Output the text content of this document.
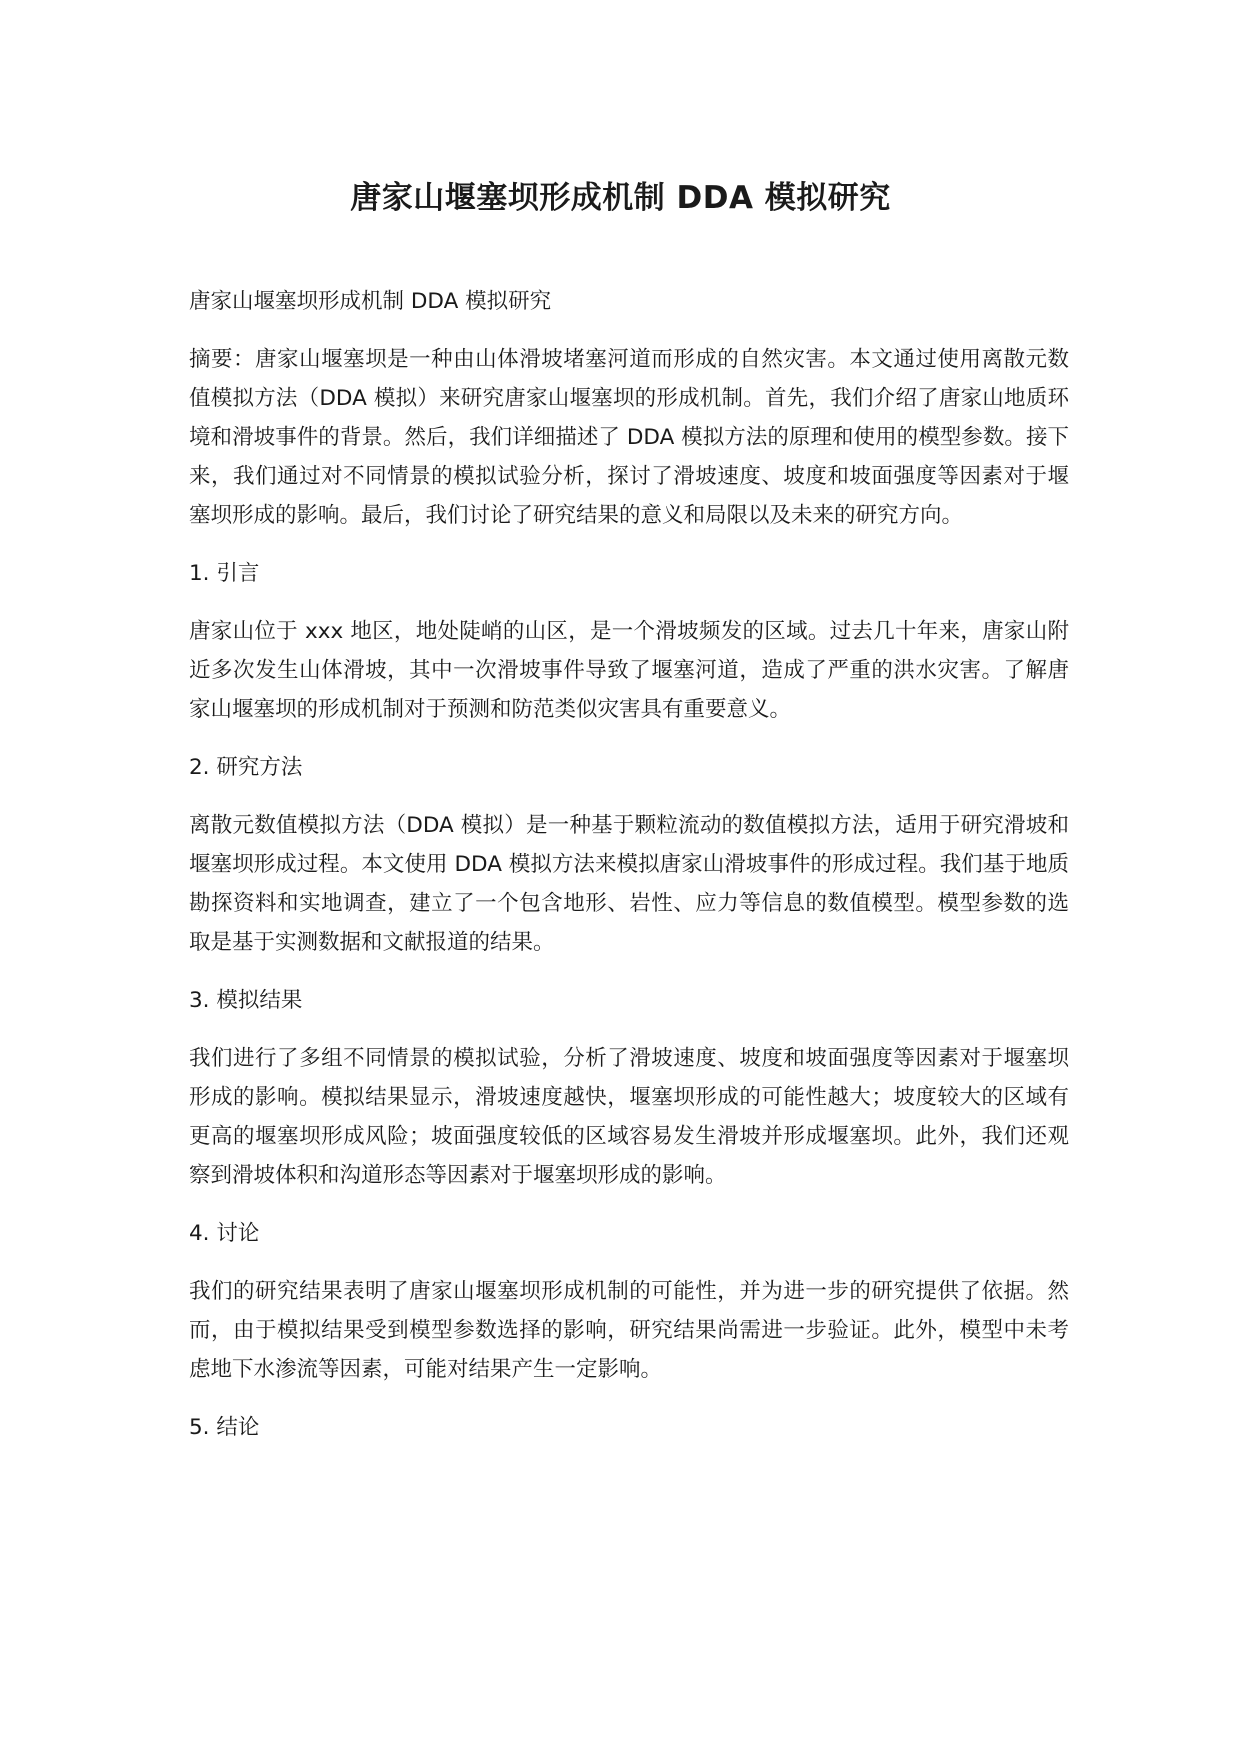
唐家山堰塞坝形成机制 DDA 模拟研究

唐家山堰塞坝形成机制 DDA 模拟研究

摘要：唐家山堰塞坝是一种由山体滑坡堵塞河道而形成的自然灾害。本文通过使用离散元数值模拟方法（DDA 模拟）来研究唐家山堰塞坝的形成机制。首先，我们介绍了唐家山地质环境和滑坡事件的背景。然后，我们详细描述了 DDA 模拟方法的原理和使用的模型参数。接下来，我们通过对不同情景的模拟试验分析，探讨了滑坡速度、坡度和坡面强度等因素对于堰塞坝形成的影响。最后，我们讨论了研究结果的意义和局限以及未来的研究方向。

1. 引言

唐家山位于 xxx 地区，地处陡峭的山区，是一个滑坡频发的区域。过去几十年来，唐家山附近多次发生山体滑坡，其中一次滑坡事件导致了堰塞河道，造成了严重的洪水灾害。了解唐家山堰塞坝的形成机制对于预测和防范类似灾害具有重要意义。

2. 研究方法

离散元数值模拟方法（DDA 模拟）是一种基于颗粒流动的数值模拟方法，适用于研究滑坡和堰塞坝形成过程。本文使用 DDA 模拟方法来模拟唐家山滑坡事件的形成过程。我们基于地质勘探资料和实地调查，建立了一个包含地形、岩性、应力等信息的数值模型。模型参数的选取是基于实测数据和文献报道的结果。

3. 模拟结果

我们进行了多组不同情景的模拟试验，分析了滑坡速度、坡度和坡面强度等因素对于堰塞坝形成的影响。模拟结果显示，滑坡速度越快，堰塞坝形成的可能性越大；坡度较大的区域有更高的堰塞坝形成风险；坡面强度较低的区域容易发生滑坡并形成堰塞坝。此外，我们还观察到滑坡体积和沟道形态等因素对于堰塞坝形成的影响。

4. 讨论

我们的研究结果表明了唐家山堰塞坝形成机制的可能性，并为进一步的研究提供了依据。然而，由于模拟结果受到模型参数选择的影响，研究结果尚需进一步验证。此外，模型中未考虑地下水渗流等因素，可能对结果产生一定影响。

5. 结论
